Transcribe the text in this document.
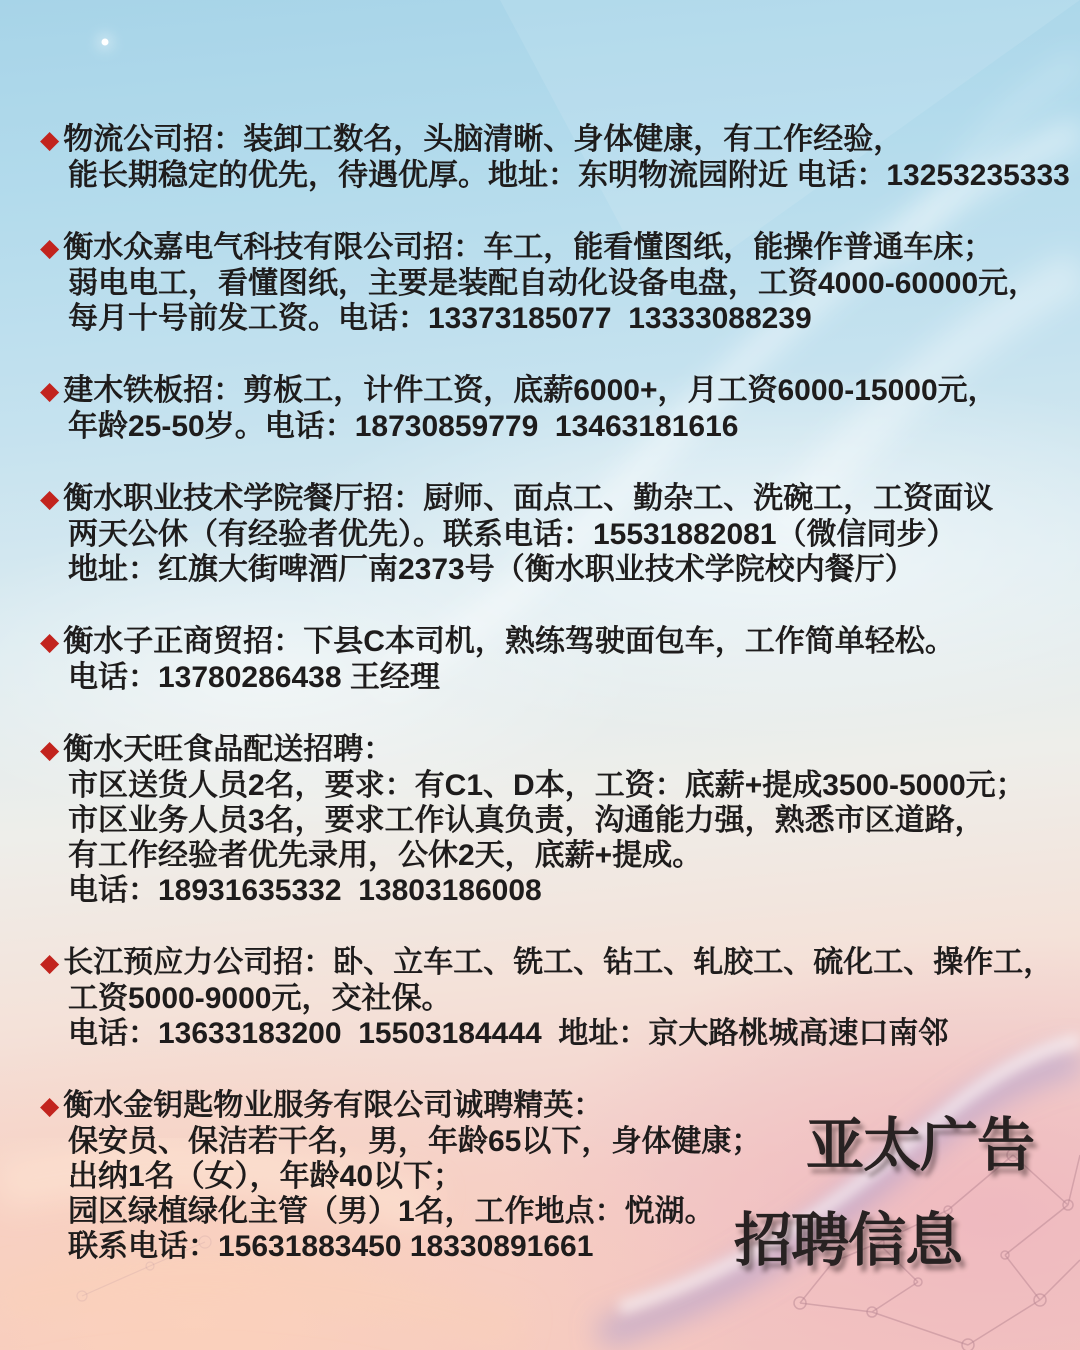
◆ 物流公司招：装卸工数名，头脑清晰、身体健康，有工作经验，
能长期稳定的优先，待遇优厚。地址：东明物流园附近 电话：13253235333
◆ 衡水众嘉电气科技有限公司招：车工，能看懂图纸，能操作普通车床；
弱电电工，看懂图纸，主要是装配自动化设备电盘，工资4000-60000元，
每月十号前发工资。电话：13373185077  13333088239
◆ 建木铁板招：剪板工，计件工资，底薪6000+，月工资6000-15000元，
年龄25-50岁。电话：18730859779  13463181616
◆ 衡水职业技术学院餐厅招：厨师、面点工、勤杂工、洗碗工，工资面议
两天公休（有经验者优先）。联系电话：15531882081（微信同步）
地址：红旗大街啤酒厂南2373号（衡水职业技术学院校内餐厅）
◆ 衡水子正商贸招：下县C本司机，熟练驾驶面包车，工作简单轻松。
电话：13780286438 王经理
◆ 衡水天旺食品配送招聘：
市区送货人员2名，要求：有C1、D本，工资：底薪+提成3500-5000元；
市区业务人员3名，要求工作认真负责，沟通能力强，熟悉市区道路，
有工作经验者优先录用，公休2天，底薪+提成。
电话：18931635332  13803186008
◆ 长江预应力公司招：卧、立车工、铣工、钻工、轧胶工、硫化工、操作工，
工资5000-9000元，交社保。
电话：13633183200  15503184444  地址：京大路桃城高速口南邻
◆ 衡水金钥匙物业服务有限公司诚聘精英：
保安员、保洁若干名，男，年龄65以下，身体健康；
出纳1名（女），年龄40以下；
园区绿植绿化主管（男）1名，工作地点：悦湖。
联系电话：15631883450 18330891661
亚太广告
招聘信息
